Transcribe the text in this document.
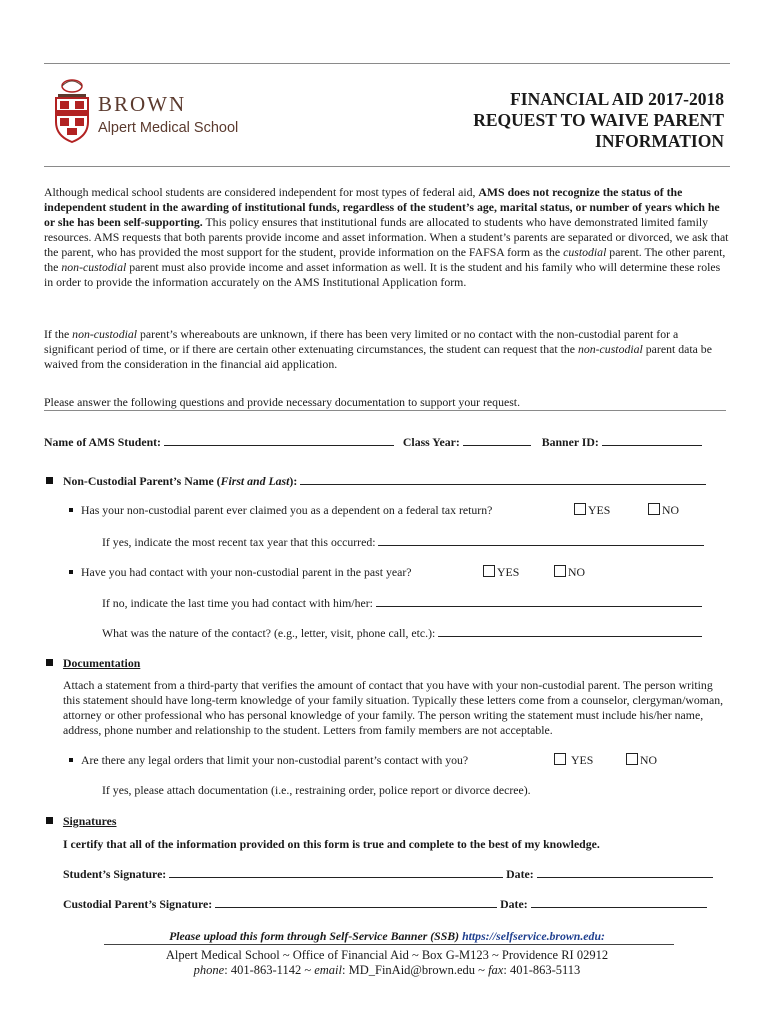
BROWN
Alpert Medical School
FINANCIAL AID 2017-2018
REQUEST TO WAIVE PARENT
INFORMATION
Although medical school students are considered independent for most types of federal aid, AMS does not recognize the status of the independent student in the awarding of institutional funds, regardless of the student’s age, marital status, or number of years which he or she has been self-supporting. This policy ensures that institutional funds are allocated to students who have demonstrated limited family resources. AMS requests that both parents provide income and asset information. When a student’s parents are separated or divorced, we ask that the parent, who has provided the most support for the student, provide information on the FAFSA form as the custodial parent. The other parent, the non-custodial parent must also provide income and asset information as well. It is the student and his family who will determine these roles in order to provide the information accurately on the AMS Institutional Application form.
If the non-custodial parent’s whereabouts are unknown, if there has been very limited or no contact with the non-custodial parent for a significant period of time, or if there are certain other extenuating circumstances, the student can request that the non-custodial parent data be waived from the consideration in the financial aid application.
Please answer the following questions and provide necessary documentation to support your request.
Name of AMS Student:	Class Year:	Banner ID:
Non-Custodial Parent’s Name (First and Last):
Has your non-custodial parent ever claimed you as a dependent on a federal tax return?	YES	NO
If yes, indicate the most recent tax year that this occurred:
Have you had contact with your non-custodial parent in the past year?	YES	NO
If no, indicate the last time you had contact with him/her:
What was the nature of the contact? (e.g., letter, visit, phone call, etc.):
Documentation
Attach a statement from a third-party that verifies the amount of contact that you have with your non-custodial parent. The person writing this statement should have long-term knowledge of your family situation. Typically these letters come from a counselor, clergyman/woman, attorney or other professional who has personal knowledge of your family. The person writing the statement must include his/her name, address, phone number and relationship to the student. Letters from family members are not acceptable.
Are there any legal orders that limit your non-custodial parent’s contact with you?	YES	NO
If yes, please attach documentation (i.e., restraining order, police report or divorce decree).
Signatures
I certify that all of the information provided on this form is true and complete to the best of my knowledge.
Student’s Signature:	Date:
Custodial Parent’s Signature:	Date:
Please upload this form through Self-Service Banner (SSB) https://selfservice.brown.edu:
Alpert Medical School ~ Office of Financial Aid ~ Box G-M123 ~ Providence RI 02912
phone: 401-863-1142 ~ email: MD_FinAid@brown.edu ~ fax: 401-863-5113
